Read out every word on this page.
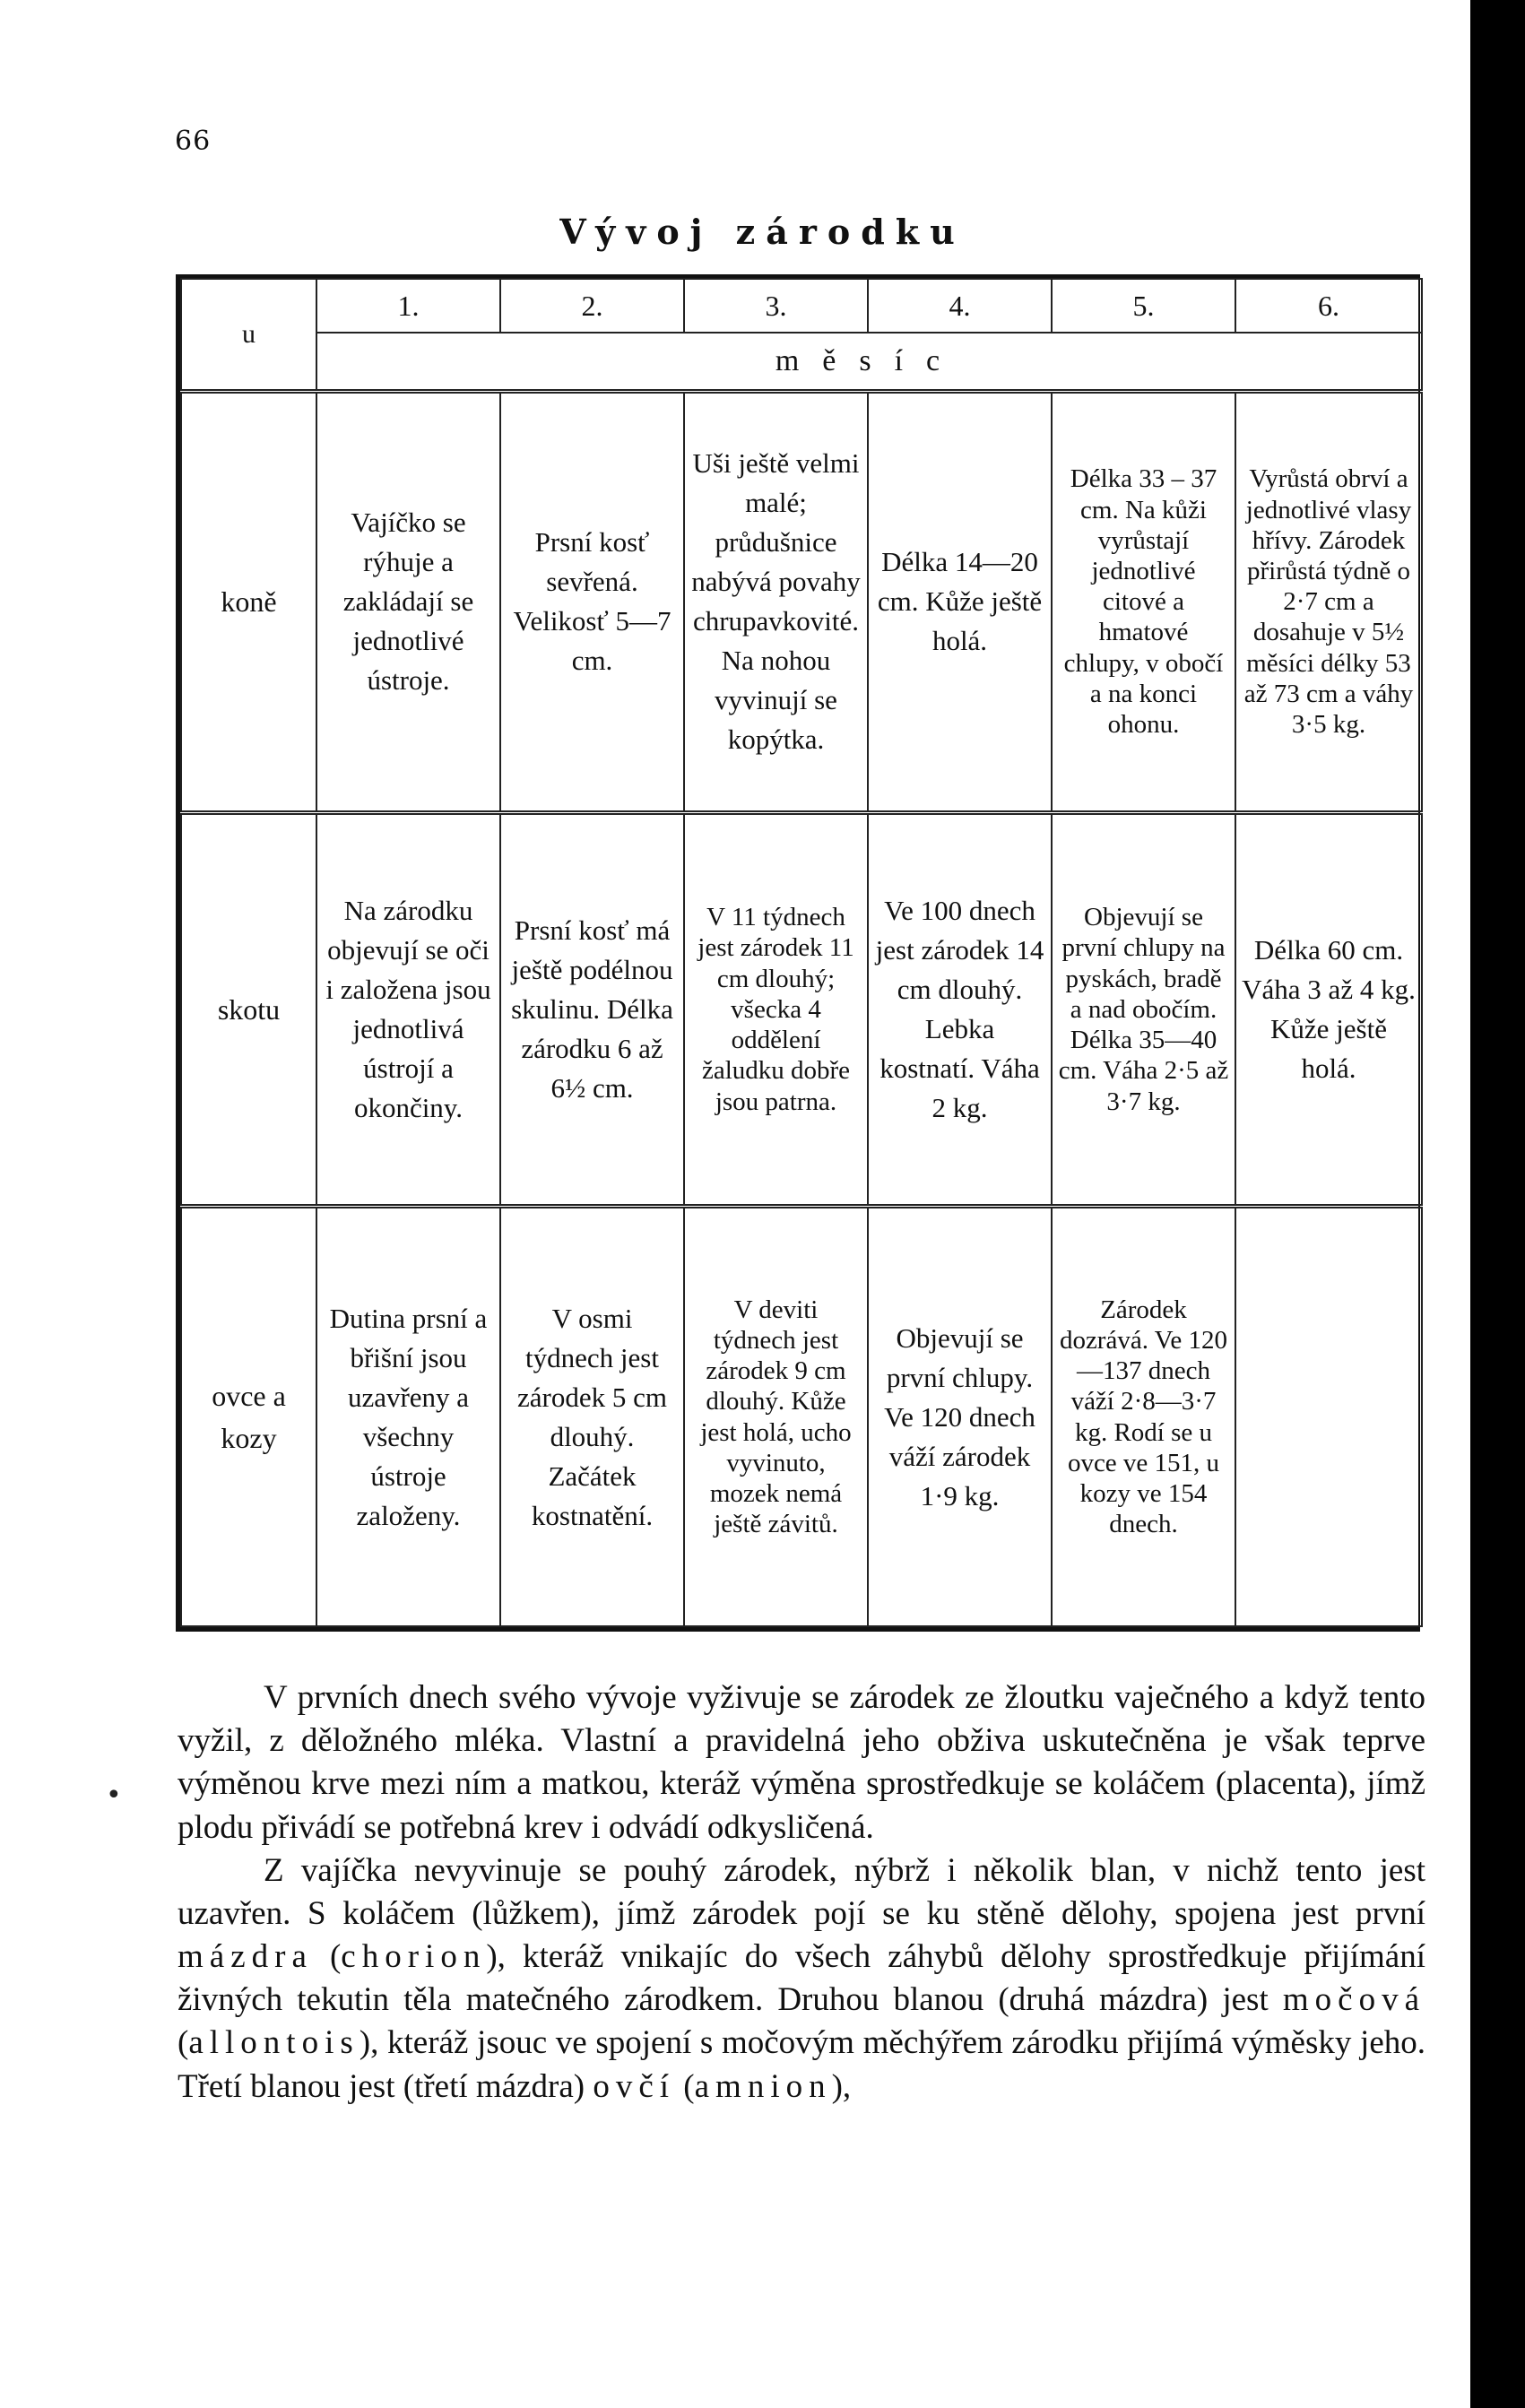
66
Vývoj zárodku
u	1.	2.	3.	4.	5.	6.
	měsíc					
koně	Vajíčko se rýhuje a zakládají se jednotlivé ústroje.	Prsní kosť sevřená. Velikosť 5—7 cm.	Uši ještě velmi malé; průdušnice nabývá povahy chrupavkovité. Na nohou vyvinují se kopýtka.	Délka 14—20 cm. Kůže ještě holá.	Délka 33 – 37 cm. Na kůži vyrůstají jednotlivé citové a hmatové chlupy, v obočí a na konci ohonu.	Vyrůstá obrví a jednotlivé vlasy hřívy. Zárodek přirůstá týdně o 2·7 cm a dosahuje v 5½ měsíci délky 53 až 73 cm a váhy 3·5 kg.
skotu	Na zárodku objevují se oči i založena jsou jednotlivá ústrojí a okončiny.	Prsní kosť má ještě podélnou skulinu. Délka zárodku 6 až 6½ cm.	V 11 týdnech jest zárodek 11 cm dlouhý; všecka 4 oddělení žaludku dobře jsou patrna.	Ve 100 dnech jest zárodek 14 cm dlouhý. Lebka kostnatí. Váha 2 kg.	Objevují se první chlupy na pyskách, bradě a nad obočím. Délka 35—40 cm. Váha 2·5 až 3·7 kg.	Délka 60 cm. Váha 3 až 4 kg. Kůže ještě holá.
ovce a kozy	Dutina prsní a břišní jsou uzavřeny a všechny ústroje založeny.	V osmi týdnech jest zárodek 5 cm dlouhý. Začátek kostnatění.	V deviti týdnech jest zárodek 9 cm dlouhý. Kůže jest holá, ucho vyvinuto, mozek nemá ještě závitů.	Objevují se první chlupy. Ve 120 dnech váží zárodek 1·9 kg.	Zárodek dozrává. Ve 120—137 dnech váží 2·8—3·7 kg. Rodí se u ovce ve 151, u kozy ve 154 dnech.	
•

V prvních dnech svého vývoje vyživuje se zárodek ze žloutku vaječného a když tento vyžil, z děložného mléka. Vlastní a pravidelná jeho obživa uskutečněna je však teprve výměnou krve mezi ním a matkou, kteráž výměna sprostředkuje se koláčem (placenta), jímž plodu přivádí se potřebná krev i odvádí odkysličená.

Z vajíčka nevyvinuje se pouhý zárodek, nýbrž i několik blan, v nichž tento jest uzavřen. S koláčem (lůžkem), jímž zárodek pojí se ku stěně dělohy, spojena jest první mázdra (chorion), kteráž vnikajíc do všech záhybů dělohy sprostředkuje přijímání živných tekutin těla matečného zárodkem. Druhou blanou (druhá mázdra) jest močová (allontois), kteráž jsouc ve spojení s močovým měchýřem zárodku přijímá výměsky jeho. Třetí blanou jest (třetí mázdra) ovčí (amnion),
